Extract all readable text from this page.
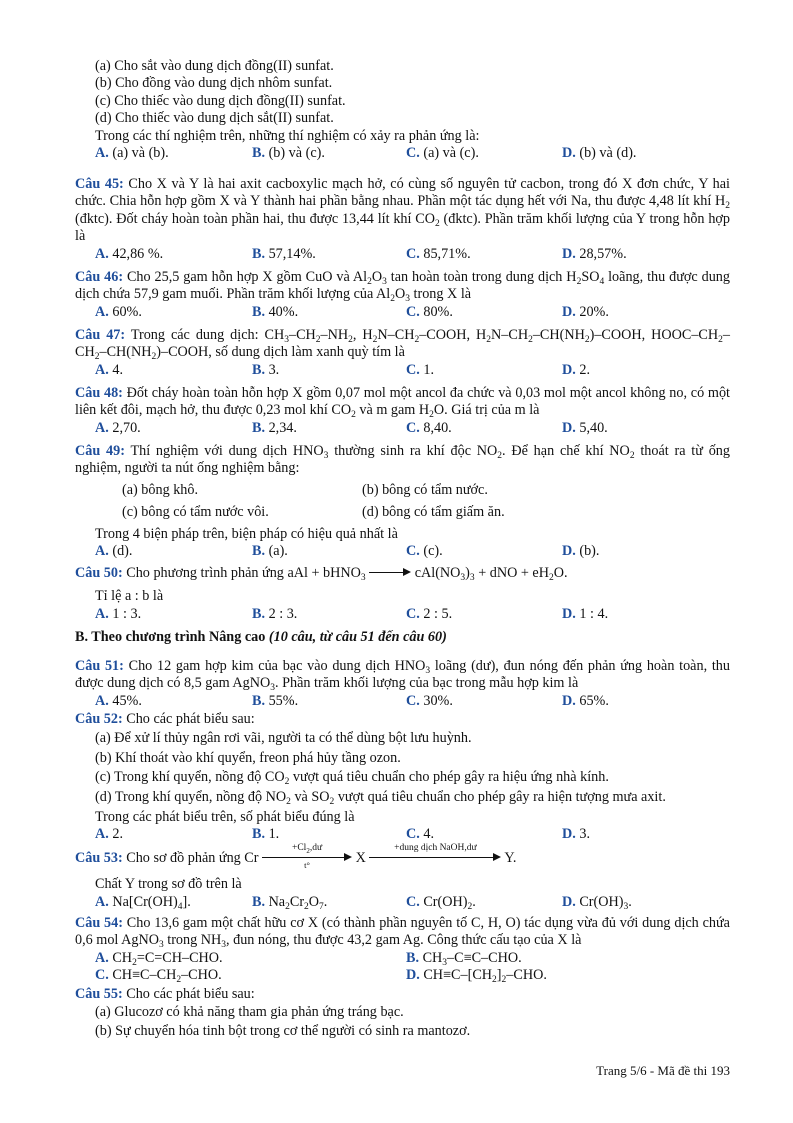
(a) Cho sắt vào dung dịch đồng(II) sunfat.
(b) Cho đồng vào dung dịch nhôm sunfat.
(c) Cho thiếc vào dung dịch đồng(II) sunfat.
(d) Cho thiếc vào dung dịch sắt(II) sunfat.
Trong các thí nghiệm trên, những thí nghiệm có xảy ra phản ứng là:
A. (a) và (b).	B. (b) và (c).	C. (a) và (c).	D. (b) và (d).
Câu 45: Cho X và Y là hai axit cacboxylic mạch hở, có cùng số nguyên tử cacbon, trong đó X đơn chức, Y hai chức. Chia hỗn hợp gồm X và Y thành hai phần bằng nhau. Phần một tác dụng hết với Na, thu được 4,48 lít khí $H_2$ (đktc). Đốt cháy hoàn toàn phần hai, thu được 13,44 lít khí $CO_2$ (đktc). Phần trăm khối lượng của Y trong hỗn hợp là
A. 42,86 %.	B. 57,14%.	C. 85,71%.	D. 28,57%.
Câu 46: Cho 25,5 gam hỗn hợp X gồm CuO và $Al_2O_3$ tan hoàn toàn trong dung dịch $H_2SO_4$ loãng, thu được dung dịch chứa 57,9 gam muối. Phần trăm khối lượng của $Al_2O_3$ trong X là
A. 60%.	B. 40%.	C. 80%.	D. 20%.
Câu 47: Trong các dung dịch: $CH_3-CH_2-NH_2$, $H_2N-CH_2$–COOH, $H_2N-CH_2-CH(NH_2)$–COOH, HOOC–$CH_2-CH_2-CH(NH_2)$–COOH, số dung dịch làm xanh quỳ tím là
A. 4.	B. 3.	C. 1.	D. 2.
Câu 48: Đốt cháy hoàn toàn hỗn hợp X gồm 0,07 mol một ancol đa chức và 0,03 mol một ancol không no, có một liên kết đôi, mạch hở, thu được 0,23 mol khí $CO_2$ và m gam $H_2O$. Giá trị của m là
A. 2,70.	B. 2,34.	C. 8,40.	D. 5,40.
Câu 49: Thí nghiệm với dung dịch $HNO_3$ thường sinh ra khí độc $NO_2$. Để hạn chế khí $NO_2$ thoát ra từ ống nghiệm, người ta nút ống nghiệm bằng:
(a) bông khô.	(b) bông có tẩm nước.
(c) bông có tẩm nước vôi.	(d) bông có tẩm giấm ăn.
Trong 4 biện pháp trên, biện pháp có hiệu quả nhất là
A. (d).	B. (a).	C. (c).	D. (b).
Câu 50: Cho phương trình phản ứng aAl + bHNO$_3$	$cAl(NO_3)_3$ + dNO + $eH_2O$.
Tỉ lệ a : b là
A. 1 : 3.	B. 2 : 3.	C. 2 : 5.	D. 1 : 4.
B. Theo chương trình Nâng cao (10 câu, từ câu 51 đến câu 60)
Câu 51: Cho 12 gam hợp kim của bạc vào dung dịch $HNO_3$ loãng (dư), đun nóng đến phản ứng hoàn toàn, thu được dung dịch có 8,5 gam AgNO$_3$. Phần trăm khối lượng của bạc trong mẫu hợp kim là
A. 45%.	B. 55%.	C. 30%.	D. 65%.
Câu 52: Cho các phát biểu sau:
(a) Để xử lí thủy ngân rơi vãi, người ta có thể dùng bột lưu huỳnh.
(b) Khí thoát vào khí quyển, freon phá hủy tầng ozon.
(c) Trong khí quyển, nồng độ $CO_2$ vượt quá tiêu chuẩn cho phép gây ra hiệu ứng nhà kính.
(d) Trong khí quyển, nồng độ $NO_2$ và $SO_2$ vượt quá tiêu chuẩn cho phép gây ra hiện tượng mưa axit.
Trong các phát biểu trên, số phát biểu đúng là
A. 2.	B. 1.	C. 4.	D. 3.
Câu 53: Cho sơ đồ phản ứng Cr $\frac{+Cl_2,dư}{t^\circ}$ X
+dung dịch NaOH,dư
Y.
Chất Y trong sơ đồ trên là
A. $Na[Cr(OH)_4]$.	B. $Na_2Cr_2O_7$.	C. $Cr(OH)_2$.	D. $Cr(OH)_3$.
Câu 54: Cho 13,6 gam một chất hữu cơ X (có thành phần nguyên tố C, H, O) tác dụng vừa đủ với dung dịch chứa 0,6 mol AgNO$_3$ trong $NH_3$, đun nóng, thu được 43,2 gam Ag. Công thức cấu tạo của X là
A. $CH_2=C=CH$–CHO.	B. $CH_3-C\equiv C$–CHO.
C. $CH\equiv C-CH_2$–CHO.	D. $CH\equiv C-[CH_2]_2$–CHO.
Câu 55: Cho các phát biểu sau:
(a) Glucozơ có khả năng tham gia phản ứng tráng bạc.
(b) Sự chuyển hóa tinh bột trong cơ thể người có sinh ra mantozơ.
Trang 5/6 - Mã đề thi 193
